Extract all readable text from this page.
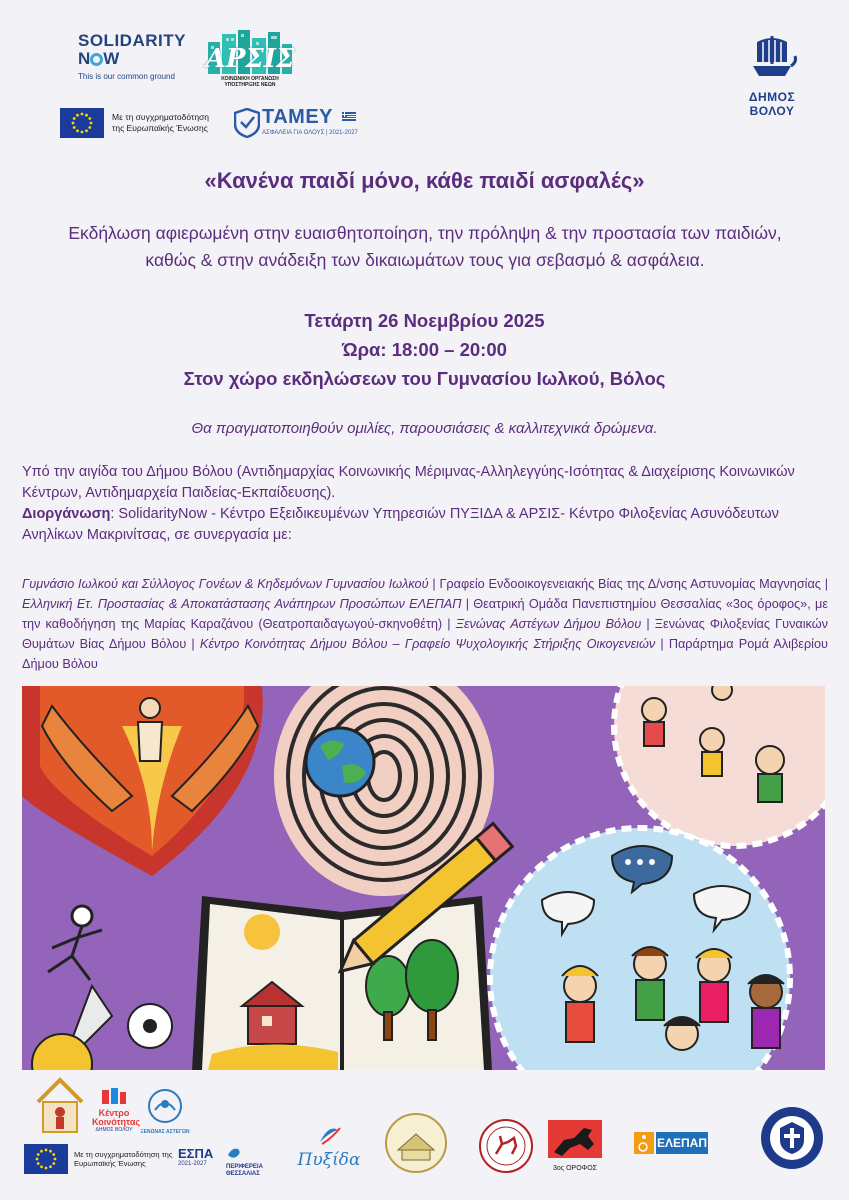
SOLIDARITY
N W
This is our common ground
ΑΡΣΙΣ
ΚΟΙΝΩΝΙΚΗ ΟΡΓΑΝΩΣΗ ΥΠΟΣΤΗΡΙΞΗΣ ΝΕΩΝ
ΔΗΜΟΣ
ΒΟΛΟΥ
Με τη συγχρηματοδότηση της Ευρωπαϊκής Ένωσης	ΤΑΜΕΥ
ΑΣΦΑΛΕΙΑ ΓΙΑ ΟΛΟΥΣ | 2021-2027
«Κανένα παιδί μόνο, κάθε παιδί ασφαλές»
Εκδήλωση αφιερωμένη στην ευαισθητοποίηση, την πρόληψη & την προστασία των παιδιών, καθώς & στην ανάδειξη των δικαιωμάτων τους για σεβασμό & ασφάλεια.
Τετάρτη 26 Νοεμβρίου 2025
Ώρα: 18:00 – 20:00
Στον χώρο εκδηλώσεων του Γυμνασίου Ιωλκού, Βόλος
Θα πραγματοποιηθούν ομιλίες, παρουσιάσεις & καλλιτεχνικά δρώμενα.
Υπό την αιγίδα του Δήμου Βόλου (Αντιδημαρχίας Κοινωνικής Μέριμνας-Αλληλεγγύης-Ισότητας & Διαχείρισης Κοινωνικών Κέντρων, Αντιδημαρχεία Παιδείας-Εκπαίδευσης).
Διοργάνωση: SolidarityNow - Κέντρο Εξειδικευμένων Υπηρεσιών ΠΥΞΙΔΑ & ΑΡΣΙΣ- Κέντρο Φιλοξενίας Ασυνόδευτων Ανηλίκων Μακρινίτσας, σε συνεργασία με:
Γυμνάσιο Ιωλκού και Σύλλογος Γονέων & Κηδεμόνων Γυμνασίου Ιωλκού | Γραφείο Ενδοοικογενειακής Βίας της Δ/νσης Αστυνομίας Μαγνησίας | Ελληνική Ετ. Προστασίας & Αποκατάστασης Ανάπηρων Προσώπων ΕΛΕΠΑΠ | Θεατρική Ομάδα Πανεπιστημίου Θεσσαλίας «3ος όροφος», με την καθοδήγηση της Μαρίας Καραζάνου (Θεατροπαιδαγωγού-σκηνοθέτη) | Ξενώνας Αστέγων Δήμου Βόλου | Ξενώνας Φιλοξενίας Γυναικών Θυμάτων Βίας Δήμου Βόλου | Κέντρο Κοινότητας Δήμου Βόλου – Γραφείο Ψυχολογικής Στήριξης Οικογενειών | Παράρτημα Ρομά Αλιβερίου Δήμου Βόλου
Κέντρο
Κοινότητας
ΔΗΜΟΣ ΒΟΛΟΥ	ΞΕΝΩΝΑΣ ΑΣΤΕΓΩΝ
Με τη συγχρηματοδότηση της Ευρωπαϊκής Ένωσης
ΕΣΠΑ
2021-2027	ΠΕΡΙΦΕΡΕΙΑ ΘΕΣΣΑΛΙΑΣ
Πυξίδα	3ος ΟΡΟΦΟΣ
ΕΛΕΠΑΠ
